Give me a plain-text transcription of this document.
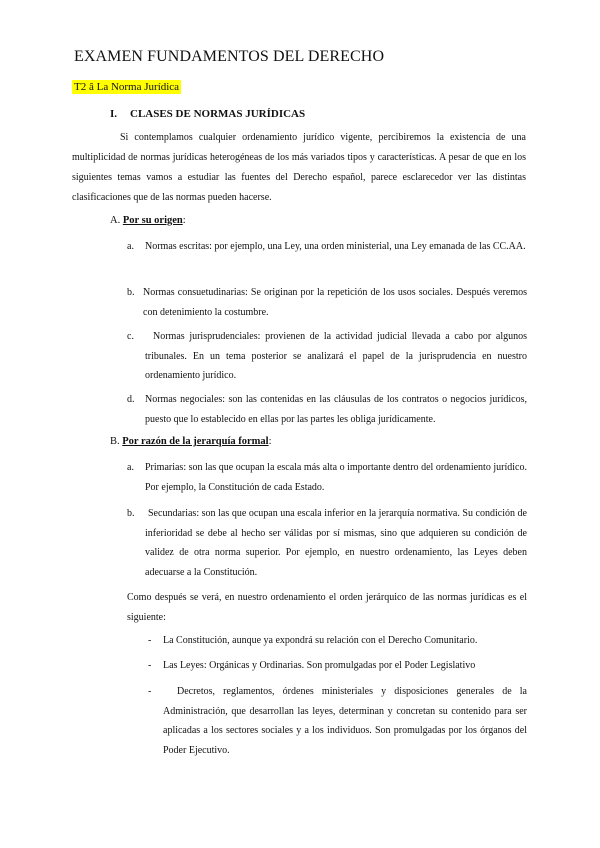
EXAMEN FUNDAMENTOS DEL DERECHO
T2 â La Norma Jurídica
I. CLASES DE NORMAS JURÍDICAS
Si contemplamos cualquier ordenamiento jurídico vigente, percibiremos la existencia de una multiplicidad de normas jurídicas heterogéneas de los más variados tipos y características. A pesar de que en los siguientes temas vamos a estudiar las fuentes del Derecho español, parece esclarecedor ver las distintas clasificaciones que de las normas pueden hacerse.
A. Por su origen:
a. Normas escritas: por ejemplo, una Ley, una orden ministerial, una Ley emanada de las CC.AA.
b. Normas consuetudinarias: Se originan por la repetición de los usos sociales. Después veremos con detenimiento la costumbre.
c.	Normas jurisprudenciales: provienen de la actividad judicial llevada a cabo por algunos tribunales. En un tema posterior se analizará el papel de la jurisprudencia en nuestro ordenamiento jurídico.
d. Normas negociales: son las contenidas en las cláusulas de los contratos o negocios jurídicos, puesto que lo establecido en ellas por las partes les obliga jurídicamente.
B. Por razón de la jerarquía formal:
a. Primarias: son las que ocupan la escala más alta o importante dentro del ordenamiento jurídico. Por ejemplo, la Constitución de cada Estado.
b.	Secundarias: son las que ocupan una escala inferior en la jerarquía normativa. Su condición de inferioridad se debe al hecho ser válidas por sí mismas, sino que adquieren su condición de validez de otra norma superior. Por ejemplo, en nuestro ordenamiento, las Leyes deben adecuarse a la Constitución.
Como después se verá, en nuestro ordenamiento el orden jerárquico de las normas jurídicas es el siguiente:
- La Constitución, aunque ya expondrá su relación con el Derecho Comunitario.
- Las Leyes: Orgánicas y Ordinarias. Son promulgadas por el Poder Legislativo
-	Decretos, reglamentos, órdenes ministeriales y disposiciones generales de la Administración, que desarrollan las leyes, determinan y concretan su contenido para ser aplicadas a los sectores sociales y a los individuos. Son promulgadas por los órganos del Poder Ejecutivo.
